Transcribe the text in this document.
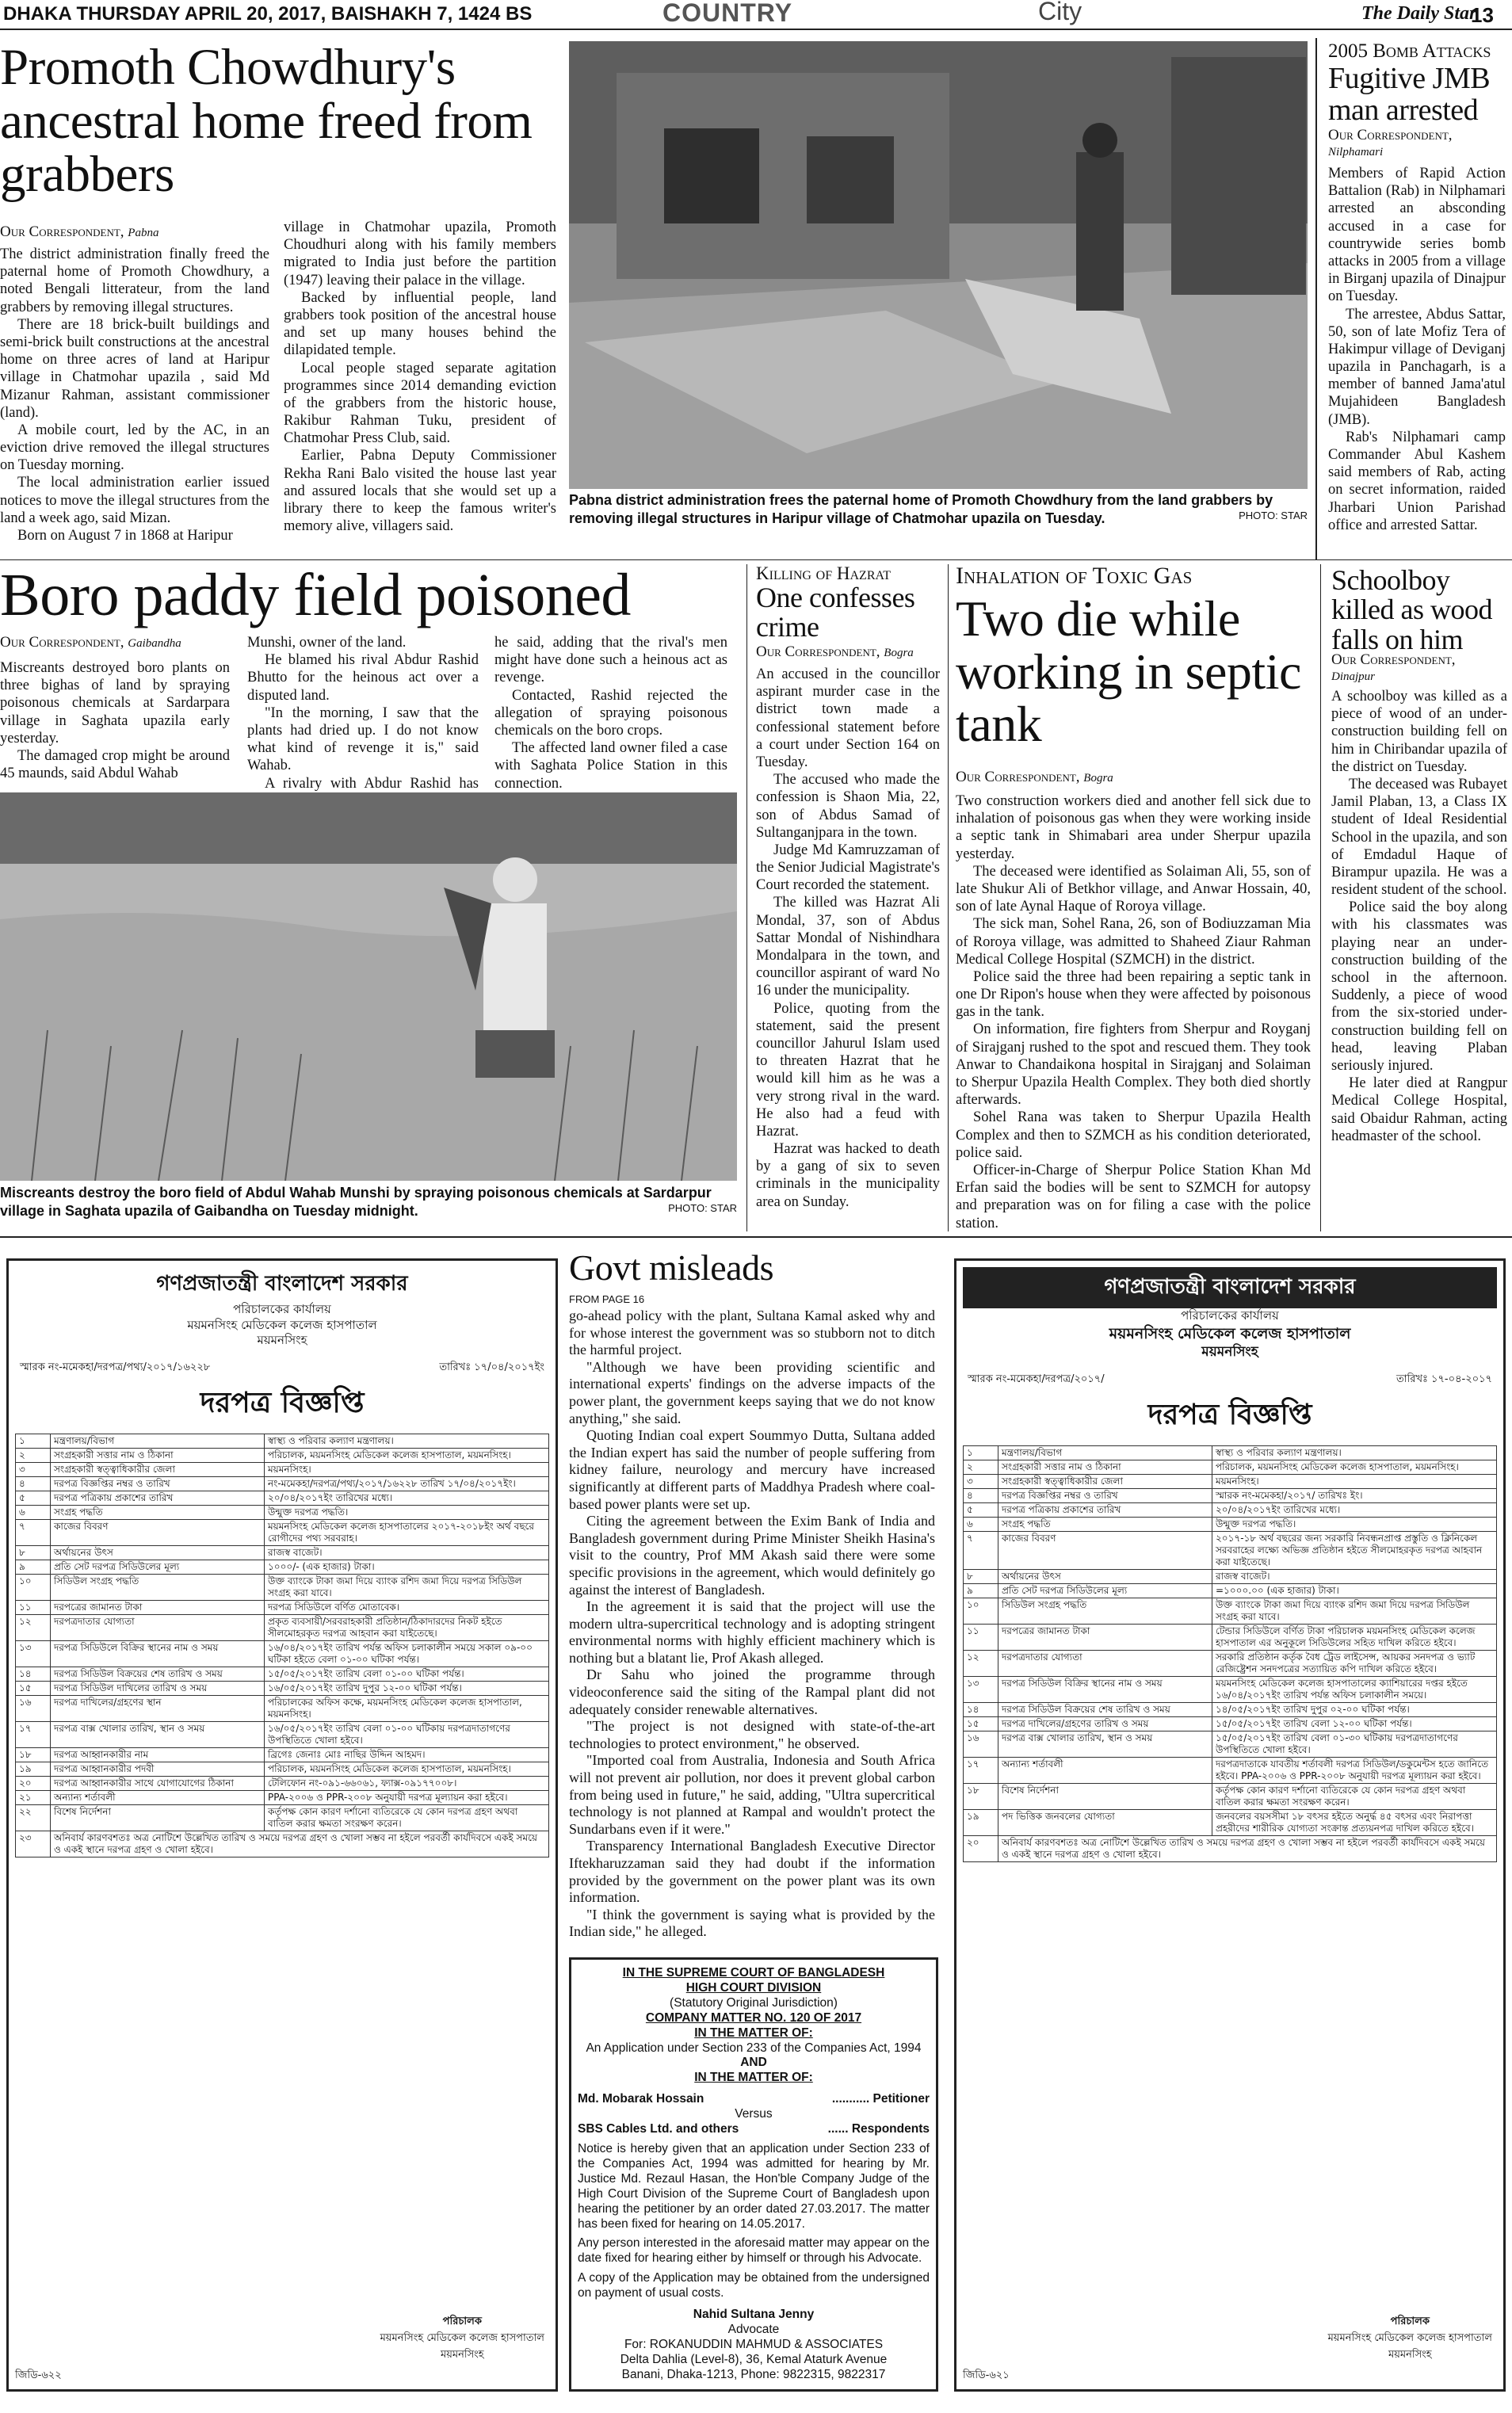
DHAKA THURSDAY APRIL 20, 2017, BAISHAKH 7, 1424 BS	COUNTRY	City	The Daily Star
13
Promoth Chowdhury's ancestral home freed from grabbers
Our Correspondent, Pabna

The district administration finally freed the paternal home of Promoth Chowdhury, a noted Bengali litterateur, from the land grabbers by removing illegal structures.

There are 18 brick-built buildings and semi-brick built constructions at the ancestral home on three acres of land at Haripur village in Chatmohar upazila , said Md Mizanur Rahman, assistant commissioner (land).

A mobile court, led by the AC, in an eviction drive removed the illegal structures on Tuesday morning.

The local administration earlier issued notices to move the illegal structures from the land a week ago, said Mizan.

Born on August 7 in 1868 at Haripur

village in Chatmohar upazila, Promoth Choudhuri along with his family members migrated to India just before the partition (1947) leaving their palace in the village.

Backed by influential people, land grabbers took position of the ancestral house and set up many houses behind the dilapidated temple.

Local people staged separate agitation programmes since 2014 demanding eviction of the grabbers from the historic house, Rakibur Rahman Tuku, president of Chatmohar Press Club, said.

Earlier, Pabna Deputy Commissioner Rekha Rani Balo visited the house last year and assured locals that she would set up a library there to keep the famous writer's memory alive, villagers said.

Pabna district administration frees the paternal home of Promoth Chowdhury from the land grabbers by removing illegal structures in Haripur village of Chatmohar upazila on Tuesday.	PHOTO: STAR
2005 Bomb Attacks
Fugitive JMB man arrested
Our Correspondent,
Nilphamari

Members of Rapid Action Battalion (Rab) in Nilphamari arrested an absconding accused in a case for countrywide series bomb attacks in 2005 from a village in Birganj upazila of Dinajpur on Tuesday.

The arrestee, Abdus Sattar, 50, son of late Mofiz Tera of Hakimpur village of Deviganj upazila in Panchagarh, is a member of banned Jama'atul Mujahideen Bangladesh (JMB).

Rab's Nilphamari camp Commander Abul Kashem said members of Rab, acting on secret information, raided Jharbari Union Parishad office and arrested Sattar.

Boro paddy field poisoned
Our Correspondent, Gaibandha

Miscreants destroyed boro plants on three bighas of land by spraying poisonous chemicals at Sardarpara village in Saghata upazila early yesterday.

The damaged crop might be around 45 maunds, said Abdul Wahab

Munshi, owner of the land.

He blamed his rival Abdur Rashid Bhutto for the heinous act over a disputed land.

"In the morning, I saw that the plants had dried up. I do not know what kind of revenge it is," said Wahab.

A rivalry with Abdur Rashid has

he said, adding that the rival's men might have done such a heinous act as revenge.

Contacted, Rashid rejected the allegation of spraying poisonous chemicals on the boro crops.

The affected land owner filed a case with Saghata Police Station in this connection.

Miscreants destroy the boro field of Abdul Wahab Munshi by spraying poisonous chemicals at Sardarpur village in Saghata upazila of Gaibandha on Tuesday midnight.	PHOTO: STAR
Killing of Hazrat
One confesses crime
Our Correspondent, Bogra

An accused in the councillor aspirant murder case in the district town made a confessional statement before a court under Section 164 on Tuesday.

The accused who made the confession is Shaon Mia, 22, son of Abdus Samad of Sultanganjpara in the town.

Judge Md Kamruzzaman of the Senior Judicial Magistrate's Court recorded the statement.

The killed was Hazrat Ali Mondal, 37, son of Abdus Sattar Mondal of Nishindhara Mondalpara in the town, and councillor aspirant of ward No 16 under the municipality.

Police, quoting from the statement, said the present councillor Jahurul Islam used to threaten Hazrat that he would kill him as he was a very strong rival in the ward. He also had a feud with Hazrat.

Hazrat was hacked to death by a gang of six to seven criminals in the municipality area on Sunday.

Inhalation of Toxic Gas
Two die while working in septic tank
Our Correspondent, Bogra

Two construction workers died and another fell sick due to inhalation of poisonous gas when they were working inside a septic tank in Shimabari area under Sherpur upazila yesterday.

The deceased were identified as Solaiman Ali, 55, son of late Shukur Ali of Betkhor village, and Anwar Hossain, 40, son of late Aynal Haque of Roroya village.

The sick man, Sohel Rana, 26, son of Bodiuzzaman Mia of Roroya village, was admitted to Shaheed Ziaur Rahman Medical College Hospital (SZMCH) in the district.

Police said the three had been repairing a septic tank in one Dr Ripon's house when they were affected by poisonous gas in the tank.

On information, fire fighters from Sherpur and Royganj of Sirajganj rushed to the spot and rescued them. They took Anwar to Chandaikona hospital in Sirajganj and Solaiman to Sherpur Upazila Health Complex. They both died shortly afterwards.

Sohel Rana was taken to Sherpur Upazila Health Complex and then to SZMCH as his condition deteriorated, police said.

Officer-in-Charge of Sherpur Police Station Khan Md Erfan said the bodies will be sent to SZMCH for autopsy and preparation was on for filing a case with the police station.

Schoolboy killed as wood falls on him
Our Correspondent,
Dinajpur

A schoolboy was killed as a piece of wood of an under-construction building fell on him in Chiribandar upazila of the district on Tuesday.

The deceased was Rubayet Jamil Plaban, 13, a Class IX student of Ideal Residential School in the upazila, and son of Emdadul Haque of Birampur upazila. He was a resident student of the school.

Police said the boy along with his classmates was playing near an under-construction building of the school in the afternoon. Suddenly, a piece of wood from the six-storied under-construction building fell on head, leaving Plaban seriously injured.

He later died at Rangpur Medical College Hospital, said Obaidur Rahman, acting headmaster of the school.

গণপ্রজাতন্ত্রী বাংলাদেশ সরকার
পরিচালকের কার্যালয়
ময়মনসিংহ মেডিকেল কলেজ হাসপাতাল
ময়মনসিংহ
স্মারক নং-মমেকহা/দরপত্র/পথ্য/২০১৭/১৬২২৮	তারিখঃ ১৭/০৪/২০১৭ইং
দরপত্র বিজ্ঞপ্তি
১	মন্ত্রণালয়/বিভাগ	স্বাস্থ্য ও পরিবার কল্যাণ মন্ত্রণালয়।
২	সংগ্রহকারী সত্তার নাম ও ঠিকানা	পরিচালক, ময়মনসিংহ মেডিকেল কলেজ হাসপাতাল, ময়মনসিংহ।
৩	সংগ্রহকারী স্বত্ত্বাধিকারীর জেলা	ময়মনসিংহ।
৪	দরপত্র বিজ্ঞপ্তির নম্বর ও তারিখ	নং-মমেকহা/দরপত্র/পথ্য/২০১৭/১৬২২৮ তারিখ ১৭/০৪/২০১৭ইং।
৫	দরপত্র পত্রিকায় প্রকাশের তারিখ	২০/০৪/২০১৭ইং তারিখের মধ্যে।
৬	সংগ্রহ পদ্ধতি	উন্মুক্ত দরপত্র পদ্ধতি।
৭	কাজের বিবরণ	ময়মনসিংহ মেডিকেল কলেজ হাসপাতালের ২০১৭-২০১৮ইং অর্থ বছরে রোগীদের পথ্য সরবরাহ।
৮	অর্থায়নের উৎস	রাজস্ব বাজেট।
৯	প্রতি সেট দরপত্র সিডিউলের মূল্য	১০০০/- (এক হাজার) টাকা।
১০	সিডিউল সংগ্রহ পদ্ধতি	উক্ত ব্যাংকে টাকা জমা দিয়ে ব্যাংক রশিদ জমা দিয়ে দরপত্র সিডিউল সংগ্রহ করা যাবে।
১১	দরপত্রের জামানত টাকা	দরপত্র সিডিউলে বর্ণিত মোতাবেক।
১২	দরপত্রদাতার যোগ্যতা	প্রকৃত ব্যবসায়ী/সরবরাহকারী প্রতিষ্ঠান/ঠিকাদারদের নিকট হইতে সীলমোহরকৃত দরপত্র আহবান করা যাইতেছে।
১৩	দরপত্র সিডিউলে বিক্রির স্থানের নাম ও সময়	১৬/০৪/২০১৭ইং তারিখ পর্যন্ত অফিস চলাকালীন সময়ে সকাল ০৯-০০ ঘটিকা হইতে বেলা ০১-০০ ঘটিকা পর্যন্ত।
১৪	দরপত্র সিডিউল বিক্রয়ের শেষ তারিখ ও সময়	১৫/০৫/২০১৭ইং তারিখ বেলা ০১-০০ ঘটিকা পর্যন্ত।
১৫	দরপত্র সিডিউল দাখিলের তারিখ ও সময়	১৬/০৫/২০১৭ইং তারিখ দুপুর ১২-০০ ঘটিকা পর্যন্ত।
১৬	দরপত্র দাখিলের/গ্রহণের স্থান	পরিচালকের অফিস কক্ষে, ময়মনসিংহ মেডিকেল কলেজ হাসপাতাল, ময়মনসিংহ।
১৭	দরপত্র বাক্স খোলার তারিখ, স্থান ও সময়	১৬/০৫/২০১৭ইং তারিখ বেলা ০১-০০ ঘটিকায় দরপত্রদাতাগণের উপস্থিতিতে খোলা হইবে।
১৮	দরপত্র আহ্বানকারীর নাম	ব্রিগেঃ জেনাঃ মোঃ নাছির উদ্দিন আহমদ।
১৯	দরপত্র আহ্বানকারীর পদবী	পরিচালক, ময়মনসিংহ মেডিকেল কলেজ হাসপাতাল, ময়মনসিংহ।
২০	দরপত্র আহ্বানকারীর সাথে যোগাযোগের ঠিকানা	টেলিফোন নং-০৯১-৬৬০৬১, ফ্যাক্স-০৯১৭৭০০৮।
২১	অন্যান্য শর্তাবলী	PPA-২০০৬ ও PPR-২০০৮ অনুযায়ী দরপত্র মূল্যায়ন করা হইবে।
২২	বিশেষ নির্দেশনা	কর্তৃপক্ষ কোন কারণ দর্শানো ব্যতিরেকে যে কোন দরপত্র গ্রহণ অথবা বাতিল করার ক্ষমতা সংরক্ষণ করেন।
২৩	অনিবার্য কারণবশতঃ অত্র নোটিশে উল্লেখিত তারিখ ও সময়ে দরপত্র গ্রহণ ও খোলা সম্ভব না হইলে পরবর্তী কার্যদিবসে একই সময়ে ও একই স্থানে দরপত্র গ্রহণ ও খোলা হইবে।	
পরিচালক
ময়মনসিংহ মেডিকেল কলেজ হাসপাতাল
ময়মনসিংহ
জিডি-৬২২
Govt misleads
FROM PAGE 16

go-ahead policy with the plant, Sultana Kamal asked why and for whose interest the government was so stubborn not to ditch the harmful project.

"Although we have been providing scientific and international experts' findings on the adverse impacts of the power plant, the government keeps saying that we do not know anything," she said.

Quoting Indian coal expert Soummyo Dutta, Sultana added the Indian expert has said the number of people suffering from kidney failure, neurology and mercury have increased significantly at different parts of Maddhya Pradesh where coal-based power plants were set up.

Citing the agreement between the Exim Bank of India and Bangladesh government during Prime Minister Sheikh Hasina's visit to the country, Prof MM Akash said there were some specific provisions in the agreement, which would definitely go against the interest of Bangladesh.

In the agreement it is said that the project will use the modern ultra-supercritical technology and is adopting stringent environmental norms with highly efficient machinery which is nothing but a blatant lie, Prof Akash alleged.

Dr Sahu who joined the programme through videoconference said the siting of the Rampal plant did not adequately consider renewable alternatives.

"The project is not designed with state-of-the-art technologies to protect environment," he observed.

"Imported coal from Australia, Indonesia and South Africa will not prevent air pollution, nor does it prevent global carbon from being used in future," he said, adding, "Ultra supercritical technology is not planned at Rampal and wouldn't protect the Sundarbans even if it were."

Transparency International Bangladesh Executive Director Iftekharuzzaman said they had doubt if the information provided by the government on the power plant was its own information.

"I think the government is saying what is provided by the Indian side," he alleged.

IN THE SUPREME COURT OF BANGLADESH
HIGH COURT DIVISION
(Statutory Original Jurisdiction)
COMPANY MATTER NO. 120 OF 2017
IN THE MATTER OF:
An Application under Section 233 of the Companies Act, 1994
AND
IN THE MATTER OF:
Md. Mobarak Hossain	........... Petitioner
Versus
SBS Cables Ltd. and others	...... Respondents
Notice is hereby given that an application under Section 233 of the Companies Act, 1994 was admitted for hearing by Mr. Justice Md. Rezaul Hasan, the Hon'ble Company Judge of the High Court Division of the Supreme Court of Bangladesh upon hearing the petitioner by an order dated 27.03.2017. The matter has been fixed for hearing on 14.05.2017.
Any person interested in the aforesaid matter may appear on the date fixed for hearing either by himself or through his Advocate.
A copy of the Application may be obtained from the undersigned on payment of usual costs.
Nahid Sultana Jenny
Advocate
For: ROKANUDDIN MAHMUD & ASSOCIATES
Delta Dahlia (Level-8), 36, Kemal Ataturk Avenue
Banani, Dhaka-1213, Phone: 9822315, 9822317
গণপ্রজাতন্ত্রী বাংলাদেশ সরকার
পরিচালকের কার্যালয়
ময়মনসিংহ মেডিকেল কলেজ হাসপাতাল
ময়মনসিংহ
স্মারক নং-মমেকহা/দরপত্র/২০১৭/	তারিখঃ ১৭-০৪-২০১৭
দরপত্র বিজ্ঞপ্তি
১	মন্ত্রণালয়/বিভাগ	স্বাস্থ্য ও পরিবার কল্যাণ মন্ত্রণালয়।
২	সংগ্রহকারী সত্তার নাম ও ঠিকানা	পরিচালক, ময়মনসিংহ মেডিকেল কলেজ হাসপাতাল, ময়মনসিংহ।
৩	সংগ্রহকারী স্বত্ত্বাধিকারীর জেলা	ময়মনসিংহ।
৪	দরপত্র বিজ্ঞপ্তির নম্বর ও তারিখ	স্মারক নং-মমেকহা/২০১৭/ তারিখঃ ইং।
৫	দরপত্র পত্রিকায় প্রকাশের তারিখ	২০/০৪/২০১৭ইং তারিখের মধ্যে।
৬	সংগ্রহ পদ্ধতি	উন্মুক্ত দরপত্র পদ্ধতি।
৭	কাজের বিবরণ	২০১৭-১৮ অর্থ বছরের জন্য সরকারি নিবন্ধনপ্রাপ্ত প্রস্তুতি ও ক্লিনিকেল সরবরাহের লক্ষ্যে অভিজ্ঞ প্রতিষ্ঠান হইতে সীলমোহরকৃত দরপত্র আহবান করা যাইতেছে।
৮	অর্থায়নের উৎস	রাজস্ব বাজেট।
৯	প্রতি সেট দরপত্র সিডিউলের মূল্য	=১০০০.০০ (এক হাজার) টাকা।
১০	সিডিউল সংগ্রহ পদ্ধতি	উক্ত ব্যাংকে টাকা জমা দিয়ে ব্যাংক রশিদ জমা দিয়ে দরপত্র সিডিউল সংগ্রহ করা যাবে।
১১	দরপত্রের জামানত টাকা	টেন্ডার সিডিউলে বর্ণিত টাকা পরিচালক ময়মনসিংহ মেডিকেল কলেজ হাসপাতাল এর অনুকূলে সিডিউলের সহিত দাখিল করিতে হইবে।
১২	দরপত্রদাতার যোগ্যতা	সরকারি প্রতিষ্ঠান কর্তৃক বৈধ ট্রেড লাইসেন্স, আয়কর সনদপত্র ও ভ্যাট রেজিষ্ট্রেশন সনদপত্রের সত্যায়িত কপি দাখিল করিতে হইবে।
১৩	দরপত্র সিডিউল বিক্রির স্থানের নাম ও সময়	ময়মনসিংহ মেডিকেল কলেজ হাসপাতালের ক্যাশিয়ারের দপ্তর হইতে ১৬/০৪/২০১৭ইং তারিখ পর্যন্ত অফিস চলাকালীন সময়ে।
১৪	দরপত্র সিডিউল বিক্রয়ের শেষ তারিখ ও সময়	১৪/০৫/২০১৭ইং তারিখ দুপুর ০২-০০ ঘটিকা পর্যন্ত।
১৫	দরপত্র দাখিলের/গ্রহণের তারিখ ও সময়	১৫/০৫/২০১৭ইং তারিখ বেলা ১২-০০ ঘটিকা পর্যন্ত।
১৬	দরপত্র বাক্স খোলার তারিখ, স্থান ও সময়	১৫/০৫/২০১৭ইং তারিখ বেলা ০১-৩০ ঘটিকায় দরপত্রদাতাগণের উপস্থিতিতে খোলা হইবে।
১৭	অন্যান্য শর্তাবলী	দরপত্রদাতাকে যাবতীয় শর্তাবলী দরপত্র সিডিউল/ডকুমেন্টস হতে জানিতে হইবে। PPA-২০০৬ ও PPR-২০০৮ অনুযায়ী দরপত্র মূল্যায়ন করা হইবে।
১৮	বিশেষ নির্দেশনা	কর্তৃপক্ষ কোন কারণ দর্শানো ব্যতিরেকে যে কোন দরপত্র গ্রহণ অথবা বাতিল করার ক্ষমতা সংরক্ষণ করেন।
১৯	পদ ভিত্তিক জনবলের যোগ্যতা	জনবলের বয়সসীমা ১৮ বৎসর হইতে অনুর্দ্ধ ৪৫ বৎসর এবং নিরাপত্তা প্রহরীদের শারীরিক যোগ্যতা সংক্রান্ত প্রত্যয়নপত্র দাখিল করিতে হইবে।
২০	অনিবার্য কারণবশতঃ অত্র নোটিশে উল্লেখিত তারিখ ও সময়ে দরপত্র গ্রহণ ও খোলা সম্ভব না হইলে পরবর্তী কার্যদিবসে একই সময়ে ও একই স্থানে দরপত্র গ্রহণ ও খোলা হইবে।	
পরিচালক
ময়মনসিংহ মেডিকেল কলেজ হাসপাতাল
ময়মনসিংহ
জিডি-৬২১
